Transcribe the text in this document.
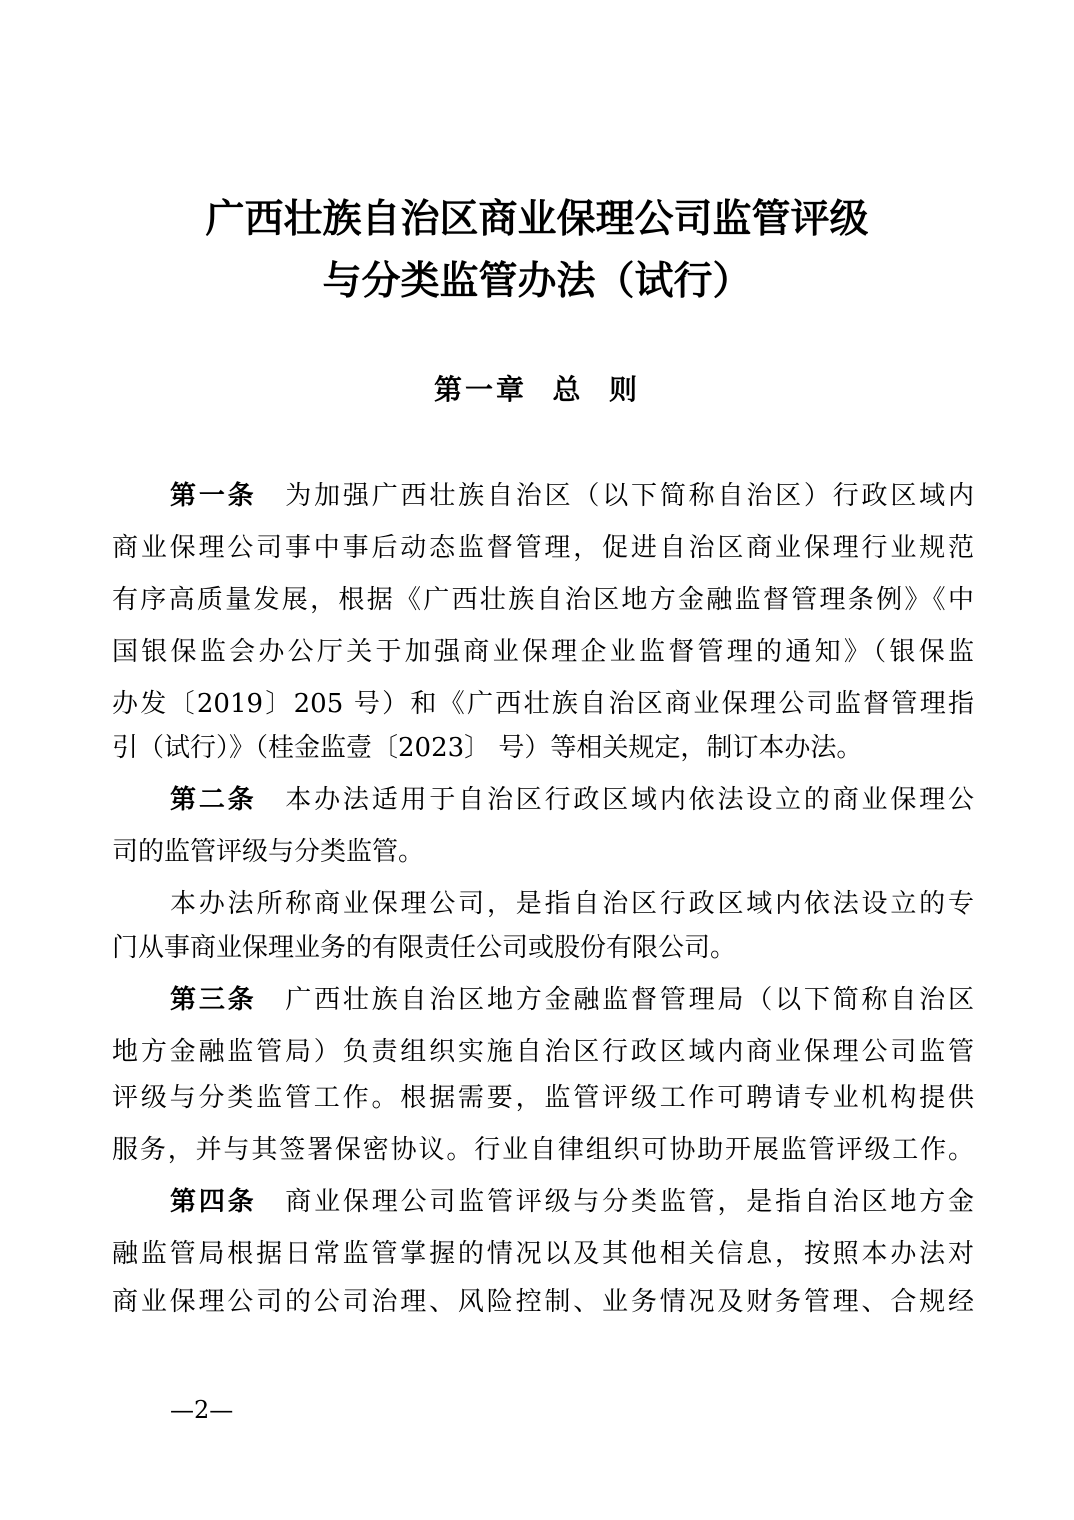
广西壮族自治区商业保理公司监管评级
与分类监管办法（试行）
第一章  总  则
第一条　 为加强广西壮族自治区（以下简称自治区）行政区域内
商业保理公司事中事后动态监督管理，促进自治区商业保理行业规范
有序高质量发展，根据《广西壮族自治区地方金融监督管理条例》《中
国银保监会办公厅关于加强商业保理企业监督管理的通知》（银保监
办发〔2019〕205 号）和《广西壮族自治区商业保理公司监督管理指
引（试行）》（桂金监壹〔2023〕 号）等相关规定，制订本办法。
第二条　 本办法适用于自治区行政区域内依法设立的商业保理公
司的监管评级与分类监管。
本办法所称商业保理公司，是指自治区行政区域内依法设立的专
门从事商业保理业务的有限责任公司或股份有限公司。
第三条　 广西壮族自治区地方金融监督管理局（以下简称自治区
地方金融监管局）负责组织实施自治区行政区域内商业保理公司监管
评级与分类监管工作。根据需要，监管评级工作可聘请专业机构提供
服务，并与其签署保密协议。行业自律组织可协助开展监管评级工作。
第四条　 商业保理公司监管评级与分类监管，是指自治区地方金
融监管局根据日常监管掌握的情况以及其他相关信息，按照本办法对
商业保理公司的公司治理、风险控制、业务情况及财务管理、合规经
—2—
